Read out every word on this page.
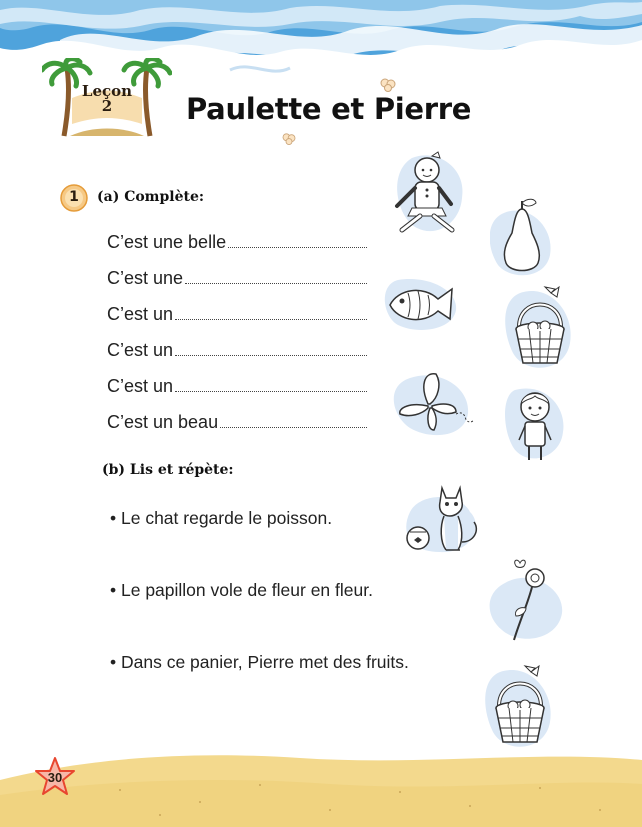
Leçon
2	Paulette et Pierre
1	(a) Complète:
C’est une belle
C’est une
C’est un
C’est un
C’est un
C’est un beau
(b) Lis et répète:
• Le chat regarde le poisson.
• Le papillon vole de fleur en fleur.
• Dans ce panier, Pierre met des fruits.
30
